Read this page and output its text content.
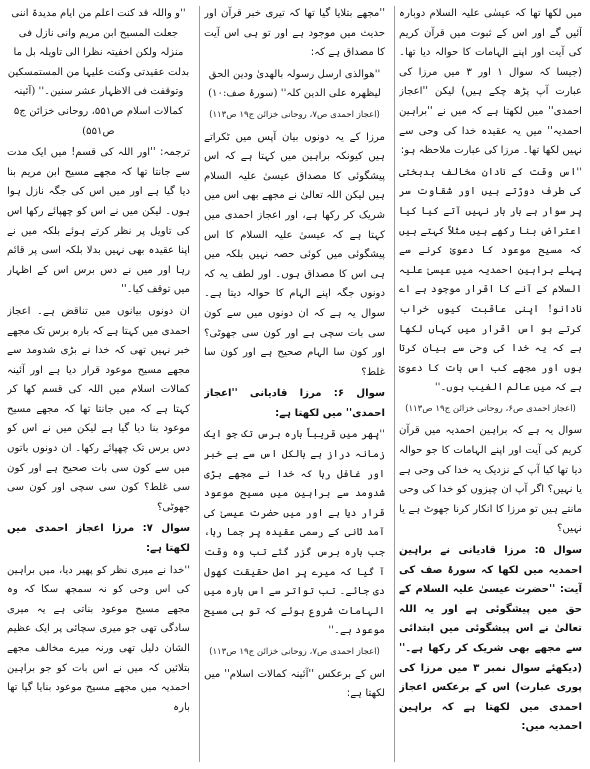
میں لکھا تھا کہ عیسٰی علیہ السلام دوبارہ آئیں گے اور اس کے ثبوت میں قرآن کریم کی آیت اور اپنے الہامات کا حوالہ دیا تھا۔ (جیسا کہ سوال ۱ اور ۳ میں مرزا کی عبارت آپ پڑھ چکے ہیں) لیکن ''اعجاز احمدی'' میں لکھتا ہے کہ میں نے ''براہین احمدیہ'' میں یہ عقیدہ خدا کی وحی سے نہیں لکھا تھا۔ مرزا کی عبارت ملاحظہ ہو:

''اس وقت کے نادان مخالف بدبختی کی طرف دوڑتے ہیں اور شقاوت سر پر سوار ہے بار بار نہیں آتے کیا کیا اعتراض بنا رکھے ہیں مثلاً کہتے ہیں کہ مسیح موعود کا دعویٰ کرنے سے پہلے براہین احمدیہ میں عیسیٰ علیہ السلام کے آنے کا اقرار موجود ہے اے نادانو! اپنی عاقبت کیوں خراب کرتے ہو اس اقرار میں کہاں لکھا ہے کہ یہ خدا کی وحی سے بیان کرتا ہوں اور مجھے کب اس بات کا دعویٰ ہے کہ میں عالم الغیب ہوں۔''

(اعجاز احمدی ص۶، روحانی خزائن ج۱۹ ص۱۱۳)

سوال یہ ہے کہ براہین احمدیہ میں قرآن کریم کی آیت اور اپنے الہامات کا جو حوالہ دیا تھا کیا آپ کے نزدیک یہ خدا کی وحی ہے یا نہیں؟ اگر آپ ان چیزوں کو خدا کی وحی مانتے ہیں تو مرزا کا انکار کرنا جھوٹ ہے یا نہیں؟

سوال ۵: مرزا قادیانی نے براہین احمدیہ میں لکھا کہ سورۂ صف کی آیت: ''حضرت عیسیٰ علیہ السلام کے حق میں پیشگوئی ہے اور یہ اللہ تعالیٰ نے اس پیشگوئی میں ابتدائی سے مجھے بھی شریک کر رکھا ہے۔'' (دیکھئے سوال نمبر ۳ میں مرزا کی پوری عبارت) اس کے برعکس اعجاز احمدی میں لکھتا ہے کہ براہین احمدیہ میں:

''مجھے بتلایا گیا تھا کہ تیری خبر قرآن اور حدیث میں موجود ہے اور تو ہی اس آیت کا مصداق ہے کہ:

''ھوالذی ارسل رسولہ بالھدیٰ ودین الحق لیظھرہ علی الدین کلہ'' (سورۂ صف:۱۰)

(اعجاز احمدی ص۷، روحانی خزائن ج۱۹ ص۱۱۳)

مرزا کے یہ دونوں بیان آپس میں ٹکراتے ہیں کیونکہ براہین میں کہتا ہے کہ اس پیشگوئی کا مصداق عیسیٰ علیہ السلام ہیں لیکن اللہ تعالیٰ نے مجھے بھی اس میں شریک کر رکھا ہے، اور اعجاز احمدی میں کہتا ہے کہ عیسیٰ علیہ السلام کا اس پیشگوئی میں کوئی حصہ نہیں بلکہ میں ہی اس کا مصداق ہوں۔ اور لطف یہ کہ دونوں جگہ اپنے الہام کا حوالہ دیتا ہے۔ سوال یہ ہے کہ ان دونوں میں سے کون سی بات سچی ہے اور کون سی جھوٹی؟ اور کون سا الہام صحیح ہے اور کون سا غلط؟

سوال ۶: مرزا قادیانی ''اعجاز احمدی'' میں لکھتا ہے:

''پھر میں قریباً بارہ برس تک جو ایک زمانہ دراز ہے بالکل اس سے بے خبر اور غافل رہا کہ خدا نے مجھے بڑی شدومد سے براہین میں مسیح موعود قرار دیا ہے اور میں حضرت عیسیٰ کی آمد ثانی کے رسمی عقیدہ پر جما رہا، جب بارہ برس گزر گئے تب وہ وقت آ گیا کہ میرے پر اصل حقیقت کھول دی جائے۔ تب تواتر سے اس بارہ میں الہامات شروع ہوئے کہ تو ہی مسیح موعود ہے۔''

(اعجاز احمدی ص۷، روحانی خزائن ج۱۹ ص۱۱۳)

اس کے برعکس ''آئینہ کمالات اسلام'' میں لکھتا ہے:

''و واللہ قد کنت اعلم من ایام مدیدۃ اننی جعلت المسیح ابن مریم وانی نازل فی منزلہ ولکن اخفیتہ نظرا الی تاویلہ بل ما بدلت عقیدتی وکنت علیہا من المستمسکین وتوقفت فی الاظہار عشر سنین۔'' (آئینہ کمالات اسلام ص۵۵۱، روحانی خزائن ج۵ ص۵۵۱)

ترجمہ: ''اور اللہ کی قسم! میں ایک مدت سے جانتا تھا کہ مجھے مسیح ابن مریم بنا دیا گیا ہے اور میں اس کی جگہ نازل ہوا ہوں۔ لیکن میں نے اس کو چھپائے رکھا اس کی تاویل پر نظر کرتے ہوئے بلکہ میں نے اپنا عقیدہ بھی نہیں بدلا بلکہ اسی پر قائم رہا اور میں نے دس برس اس کے اظہار میں توقف کیا۔''

ان دونوں بیانوں میں تناقض ہے۔ اعجاز احمدی میں کہتا ہے کہ بارہ برس تک مجھے خبر نہیں تھی کہ خدا نے بڑی شدومد سے مجھے مسیح موعود قرار دیا ہے اور آئینہ کمالات اسلام میں اللہ کی قسم کھا کر کہتا ہے کہ میں جانتا تھا کہ مجھے مسیح موعود بنا دیا گیا ہے لیکن میں نے اس کو دس برس تک چھپائے رکھا۔ ان دونوں باتوں میں سے کون سی بات صحیح ہے اور کون سی غلط؟ کون سی سچی اور کون سی جھوٹی؟

سوال ۷: مرزا اعجاز احمدی میں لکھتا ہے:

''خدا نے میری نظر کو پھیر دیا، میں براہین کی اس وحی کو نہ سمجھ سکا کہ وہ مجھے مسیح موعود بناتی ہے یہ میری سادگی تھی جو میری سچائی پر ایک عظیم الشان دلیل تھی ورنہ میرے مخالف مجھے بتلائیں کہ میں نے اس بات کو جو براہین احمدیہ میں مجھے مسیح موعود بنایا گیا تھا بارہ
